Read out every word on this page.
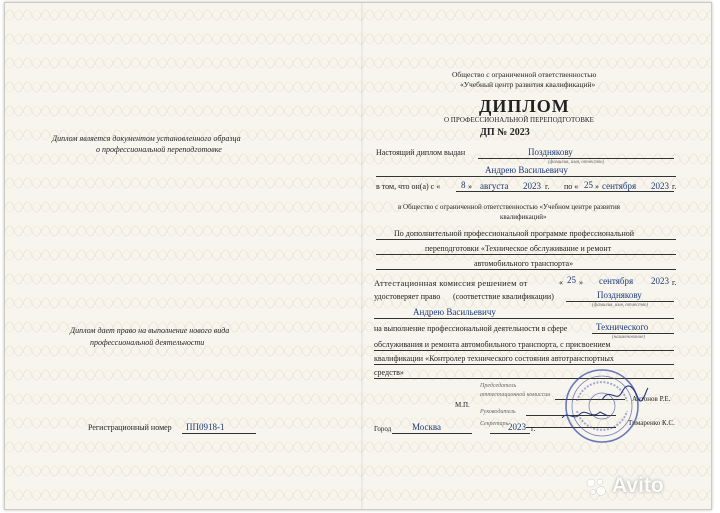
Диплом является документом установленного образца
о профессиональной переподготовке
Диплом дает право на выполнение нового вида
профессиональной деятельности
Регистрационный номер ПП0918-1
Общество с ограниченной ответственностью
«Учебный центр развития квалификаций»
ДИПЛОМ
О ПРОФЕССИОНАЛЬНОЙ ПЕРЕПОДГОТОВКЕ
ДП № 2023
Настоящий диплом выдан	Позднякову
(фамилия, имя, отчество)
Андрею Васильевичу
в том, что он(а) с « 8 » августа 2023 г. по « 25 » сентября 2023 г.
в Общество с ограниченной ответственностью «Учебном центре развития
квалификаций»
По дополнительной профессиональной программе профессиональной
переподготовки «Техническое обслуживание и ремонт
автомобильного транспорта»
Аттестационная комиссия решением от	« 25 » сентября 2023 г.
удостоверяет право (соответствие квалификации)	Позднякову
(фамилия, имя, отчество)
Андрею Васильевичу
на выполнение профессиональной деятельности в сфере	Технического
(наименование)
обслуживания и ремонта автомобильного транспорта, с присвоением
квалификации «Контролер технического состояния автотранспортных
средств»
Председатель
аттестационной комиссии	Антонов Р.Е.
М.П.
Руководитель
Секретарь	Тимаренко К.С.
Город Москва	2023 г.
Avito
